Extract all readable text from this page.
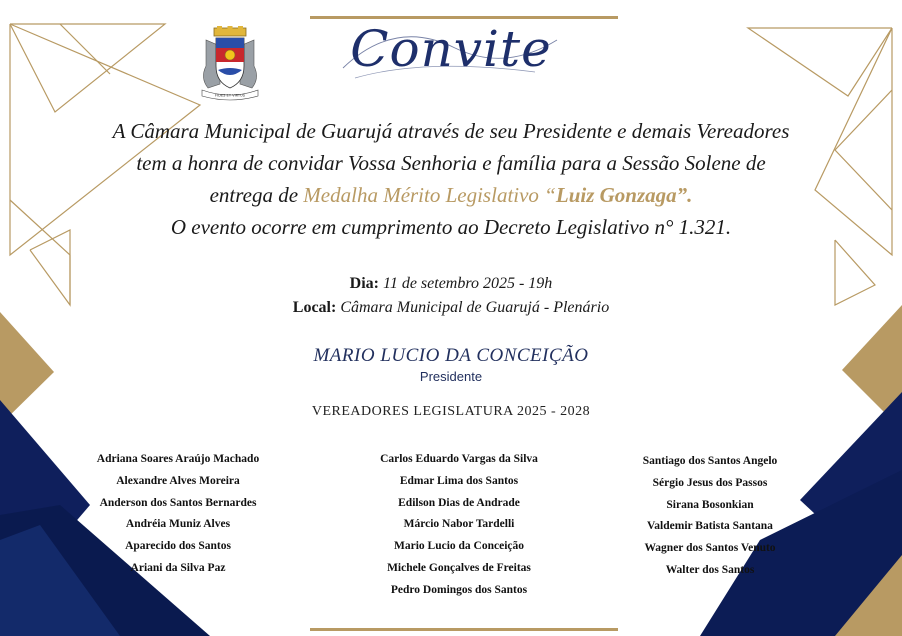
FIDES ET VIRTUS
Convite
A Câmara Municipal de Guarujá através de seu Presidente e demais Vereadores
tem a honra de convidar Vossa Senhoria e família para a Sessão Solene de
entrega de Medalha Mérito Legislativo “Luiz Gonzaga”.
O evento ocorre em cumprimento ao Decreto Legislativo n° 1.321.
Dia: 11 de setembro 2025 - 19h
Local: Câmara Municipal de Guarujá - Plenário
MARIO LUCIO DA CONCEIÇÃO
Presidente
VEREADORES LEGISLATURA 2025 - 2028
Adriana Soares Araújo Machado
Alexandre Alves Moreira
Anderson dos Santos Bernardes
Andréia Muniz Alves
Aparecido dos Santos
Ariani da Silva Paz
Carlos Eduardo Vargas da Silva
Edmar Lima dos Santos
Edilson Dias de Andrade
Márcio Nabor Tardelli
Mario Lucio da Conceição
Michele Gonçalves de Freitas
Pedro Domingos dos Santos
Santiago dos Santos Angelo
Sérgio Jesus dos Passos
Sirana Bosonkian
Valdemir Batista Santana
Wagner dos Santos Venuto
Walter dos Santos
